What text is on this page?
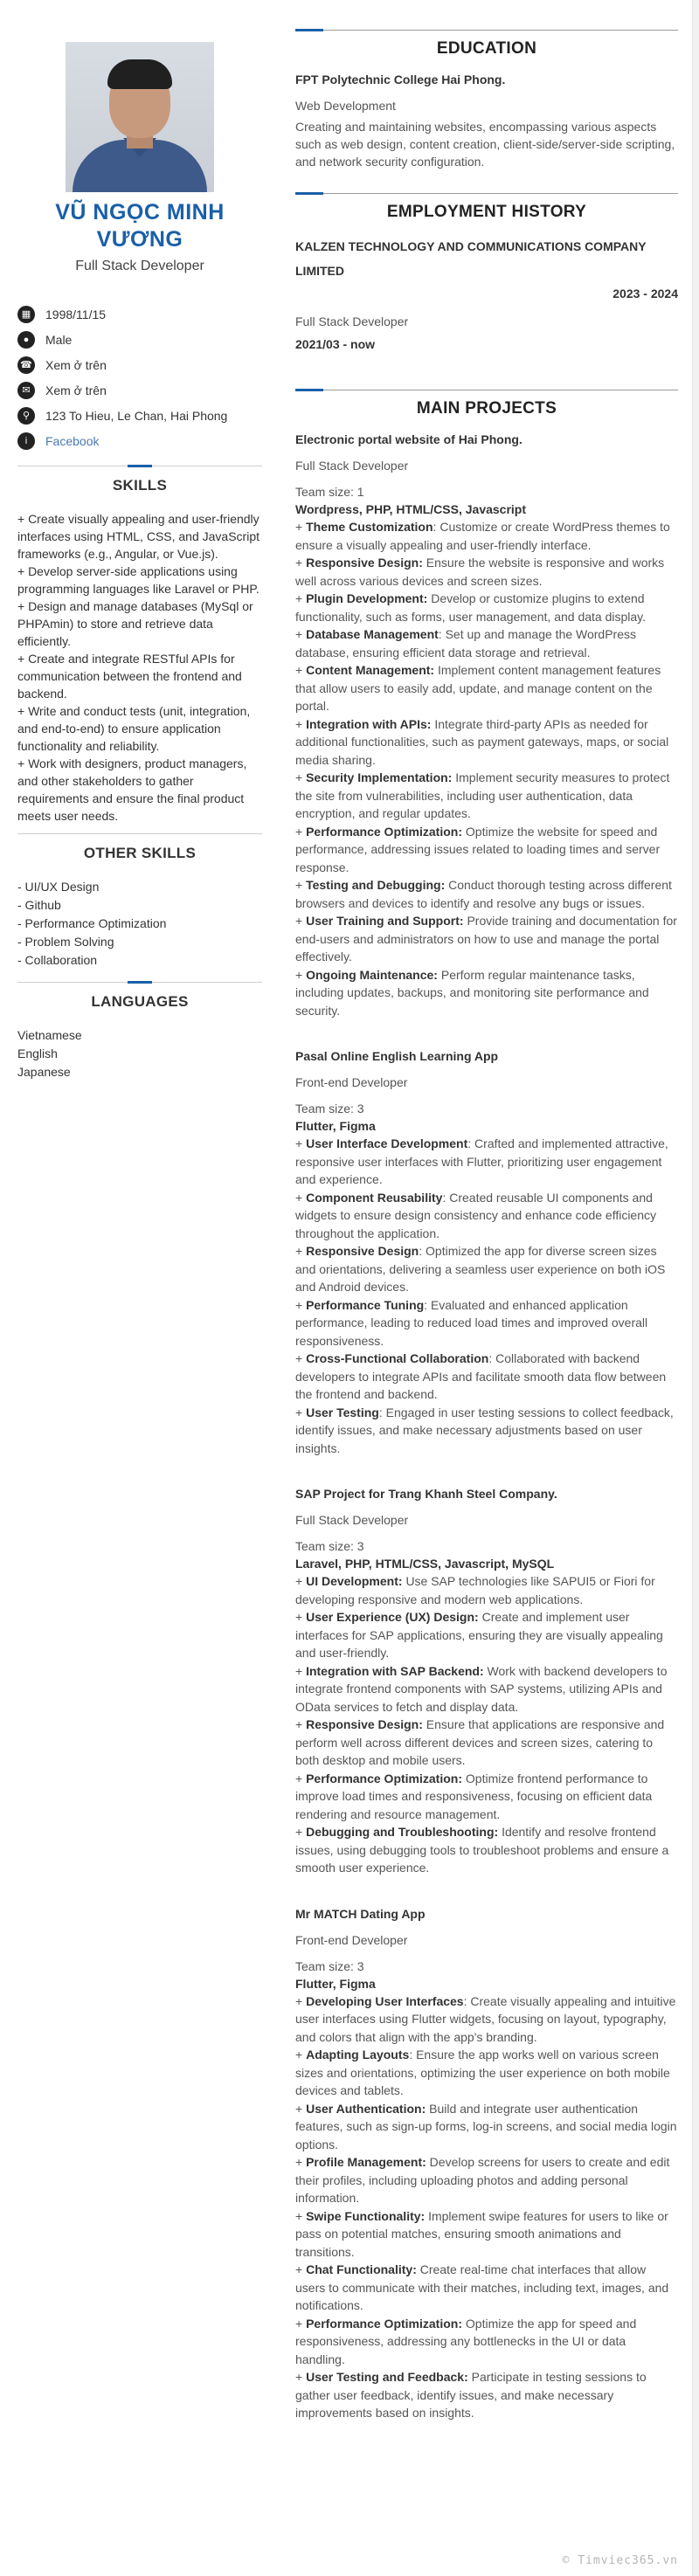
VŨ NGỌC MINH VƯƠNG
Full Stack Developer
▦	1998/11/15
●	Male
☎ Xem ở trên
✉	Xem ở trên
⚲	123 To Hieu, Le Chan, Hai Phong
i	Facebook
SKILLS
+ Create visually appealing and user-friendly interfaces using HTML, CSS, and JavaScript frameworks (e.g., Angular, or Vue.js).
+ Develop server-side applications using programming languages like Laravel or PHP.
+ Design and manage databases (MySql or PHPAmin) to store and retrieve data efficiently.
+ Create and integrate RESTful APIs for communication between the frontend and backend.
+ Write and conduct tests (unit, integration, and end-to-end) to ensure application functionality and reliability.
+ Work with designers, product managers, and other stakeholders to gather requirements and ensure the final product meets user needs.
OTHER SKILLS
- UI/UX Design
- Github
- Performance Optimization
- Problem Solving
- Collaboration
LANGUAGES
Vietnamese
English
Japanese
EDUCATION
FPT Polytechnic College Hai Phong.
Web Development
Creating and maintaining websites, encompassing various aspects such as web design, content creation, client-side/server-side scripting, and network security configuration.
EMPLOYMENT HISTORY
KALZEN TECHNOLOGY AND COMMUNICATIONS COMPANY LIMITED
2023 - 2024
Full Stack Developer
2021/03 - now
MAIN PROJECTS
Electronic portal website of Hai Phong.
Full Stack Developer
Team size: 1
Wordpress, PHP, HTML/CSS, Javascript
+ Theme Customization: Customize or create WordPress themes to ensure a visually appealing and user-friendly interface.
+ Responsive Design: Ensure the website is responsive and works well across various devices and screen sizes.
+ Plugin Development: Develop or customize plugins to extend functionality, such as forms, user management, and data display.
+ Database Management: Set up and manage the WordPress database, ensuring efficient data storage and retrieval.
+ Content Management: Implement content management features that allow users to easily add, update, and manage content on the portal.
+ Integration with APIs: Integrate third-party APIs as needed for additional functionalities, such as payment gateways, maps, or social media sharing.
+ Security Implementation: Implement security measures to protect the site from vulnerabilities, including user authentication, data encryption, and regular updates.
+ Performance Optimization: Optimize the website for speed and performance, addressing issues related to loading times and server response.
+ Testing and Debugging: Conduct thorough testing across different browsers and devices to identify and resolve any bugs or issues.
+ User Training and Support: Provide training and documentation for end-users and administrators on how to use and manage the portal effectively.
+ Ongoing Maintenance: Perform regular maintenance tasks, including updates, backups, and monitoring site performance and security.
Pasal Online English Learning App
Front-end Developer
Team size: 3
Flutter, Figma
+ User Interface Development: Crafted and implemented attractive, responsive user interfaces with Flutter, prioritizing user engagement and experience.
+ Component Reusability: Created reusable UI components and widgets to ensure design consistency and enhance code efficiency throughout the application.
+ Responsive Design: Optimized the app for diverse screen sizes and orientations, delivering a seamless user experience on both iOS and Android devices.
+ Performance Tuning: Evaluated and enhanced application performance, leading to reduced load times and improved overall responsiveness.
+ Cross-Functional Collaboration: Collaborated with backend developers to integrate APIs and facilitate smooth data flow between the frontend and backend.
+ User Testing: Engaged in user testing sessions to collect feedback, identify issues, and make necessary adjustments based on user insights.
SAP Project for Trang Khanh Steel Company.
Full Stack Developer
Team size: 3
Laravel, PHP, HTML/CSS, Javascript, MySQL
+ UI Development: Use SAP technologies like SAPUI5 or Fiori for developing responsive and modern web applications.
+ User Experience (UX) Design: Create and implement user interfaces for SAP applications, ensuring they are visually appealing and user-friendly.
+ Integration with SAP Backend: Work with backend developers to integrate frontend components with SAP systems, utilizing APIs and OData services to fetch and display data.
+ Responsive Design: Ensure that applications are responsive and perform well across different devices and screen sizes, catering to both desktop and mobile users.
+ Performance Optimization: Optimize frontend performance to improve load times and responsiveness, focusing on efficient data rendering and resource management.
+ Debugging and Troubleshooting: Identify and resolve frontend issues, using debugging tools to troubleshoot problems and ensure a smooth user experience.
Mr MATCH Dating App
Front-end Developer
Team size: 3
Flutter, Figma
+ Developing User Interfaces: Create visually appealing and intuitive user interfaces using Flutter widgets, focusing on layout, typography, and colors that align with the app's branding.
+ Adapting Layouts: Ensure the app works well on various screen sizes and orientations, optimizing the user experience on both mobile devices and tablets.
+ User Authentication: Build and integrate user authentication features, such as sign-up forms, log-in screens, and social media login options.
+ Profile Management: Develop screens for users to create and edit their profiles, including uploading photos and adding personal information.
+ Swipe Functionality: Implement swipe features for users to like or pass on potential matches, ensuring smooth animations and transitions.
+ Chat Functionality: Create real-time chat interfaces that allow users to communicate with their matches, including text, images, and notifications.
+ Performance Optimization: Optimize the app for speed and responsiveness, addressing any bottlenecks in the UI or data handling.
+ User Testing and Feedback: Participate in testing sessions to gather user feedback, identify issues, and make necessary improvements based on insights.
© Timviec365.vn
